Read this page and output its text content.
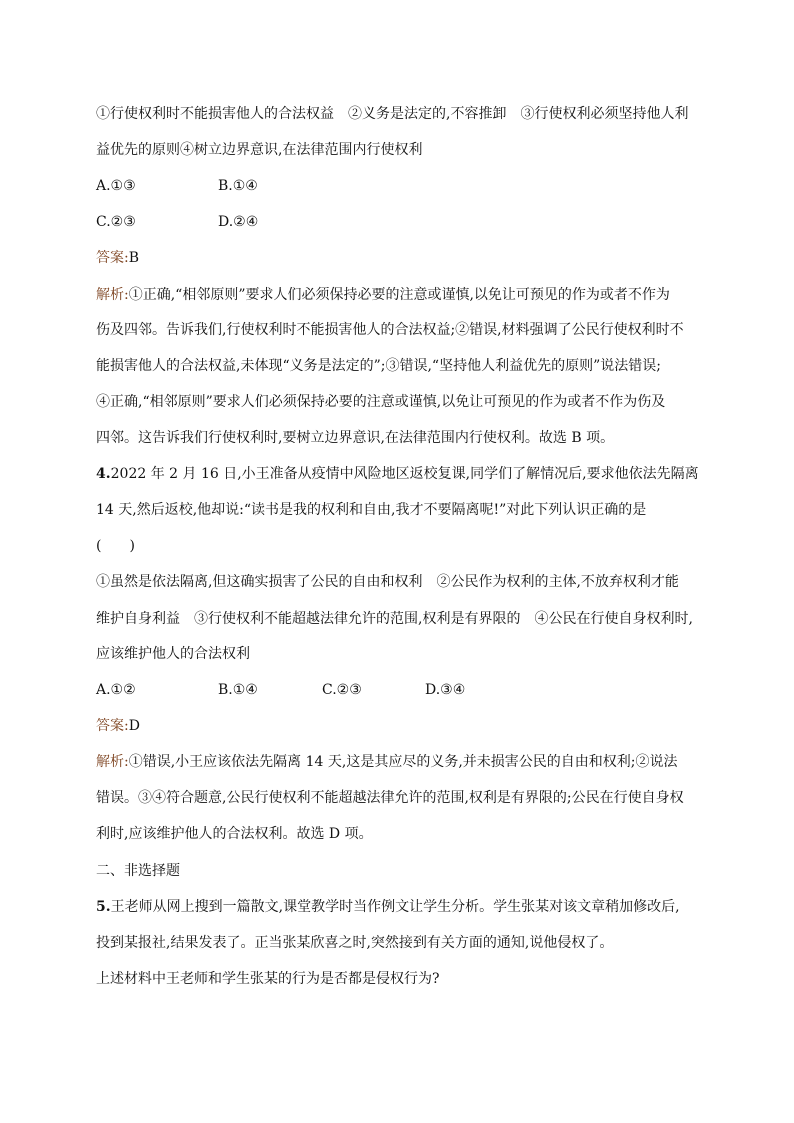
①行使权利时不能损害他人的合法权益　②义务是法定的,不容推卸　③行使权利必须坚持他人利
益优先的原则④树立边界意识,在法律范围内行使权利
A.①③	B.①④
C.②③	D.②④
答案:B
解析:①正确,“相邻原则”要求人们必须保持必要的注意或谨慎,以免让可预见的作为或者不作为
伤及四邻。告诉我们,行使权利时不能损害他人的合法权益;②错误,材料强调了公民行使权利时不
能损害他人的合法权益,未体现“义务是法定的”;③错误,“坚持他人利益优先的原则”说法错误;
④正确,“相邻原则”要求人们必须保持必要的注意或谨慎,以免让可预见的作为或者不作为伤及
四邻。这告诉我们行使权利时,要树立边界意识,在法律范围内行使权利。故选 B 项。
4.2022 年 2 月 16 日,小王准备从疫情中风险地区返校复课,同学们了解情况后,要求他依法先隔离
14 天,然后返校,他却说:“读书是我的权利和自由,我才不要隔离呢!”对此下列认识正确的是
(　　)
①虽然是依法隔离,但这确实损害了公民的自由和权利　②公民作为权利的主体,不放弃权利才能
维护自身利益　③行使权利不能超越法律允许的范围,权利是有界限的　④公民在行使自身权利时,
应该维护他人的合法权利
A.①②	B.①④	C.②③	D.③④
答案:D
解析:①错误,小王应该依法先隔离 14 天,这是其应尽的义务,并未损害公民的自由和权利;②说法
错误。③④符合题意,公民行使权利不能超越法律允许的范围,权利是有界限的;公民在行使自身权
利时,应该维护他人的合法权利。故选 D 项。
二、非选择题
5.王老师从网上搜到一篇散文,课堂教学时当作例文让学生分析。学生张某对该文章稍加修改后,
投到某报社,结果发表了。正当张某欣喜之时,突然接到有关方面的通知,说他侵权了。
上述材料中王老师和学生张某的行为是否都是侵权行为?
